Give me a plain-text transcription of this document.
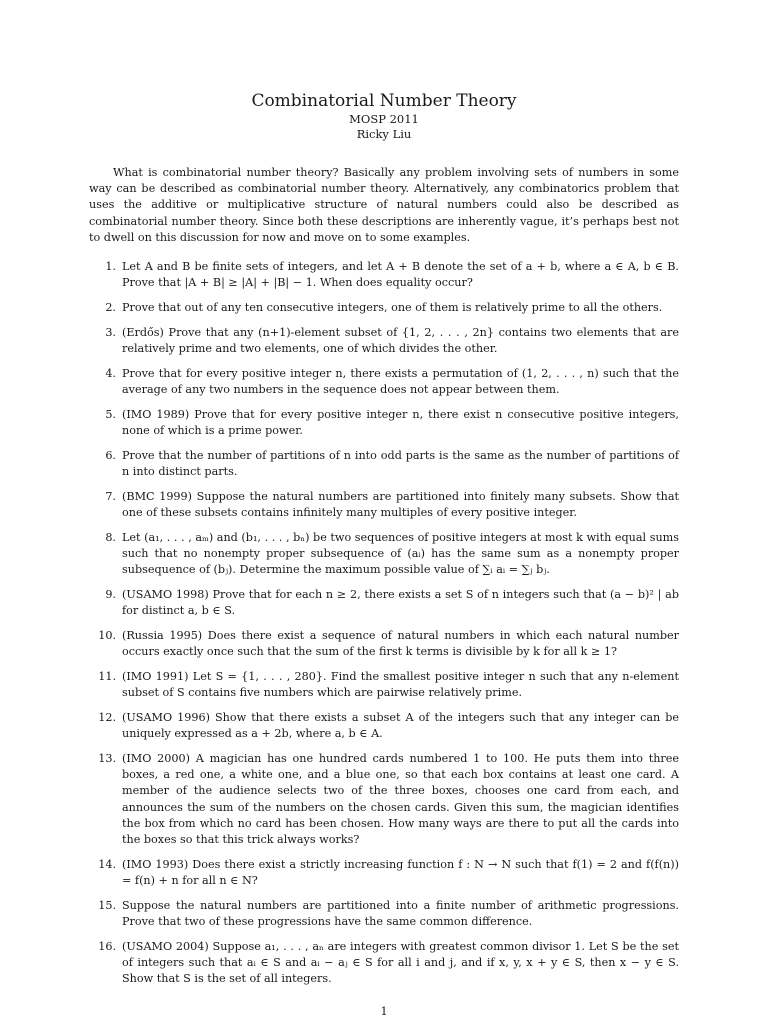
Combinatorial Number Theory
MOSP 2011
Ricky Liu

What is combinatorial number theory? Basically any problem involving sets of numbers in some way can be described as combinatorial number theory. Alternatively, any combinatorics problem that uses the additive or multiplicative structure of natural numbers could also be described as combinatorial number theory. Since both these descriptions are inherently vague, it’s perhaps best not to dwell on this discussion for now and move on to some examples.

1. Let A and B be finite sets of integers, and let A + B denote the set of a + b, where a ∈ A, b ∈ B. Prove that |A + B| ≥ |A| + |B| − 1. When does equality occur?
2. Prove that out of any ten consecutive integers, one of them is relatively prime to all the others.
3. (Erdős) Prove that any (n+1)-element subset of {1, 2, . . . , 2n} contains two elements that are relatively prime and two elements, one of which divides the other.
4. Prove that for every positive integer n, there exists a permutation of (1, 2, . . . , n) such that the average of any two numbers in the sequence does not appear between them.
5. (IMO 1989) Prove that for every positive integer n, there exist n consecutive positive integers, none of which is a prime power.
6. Prove that the number of partitions of n into odd parts is the same as the number of partitions of n into distinct parts.
7. (BMC 1999) Suppose the natural numbers are partitioned into finitely many subsets. Show that one of these subsets contains infinitely many multiples of every positive integer.
8. Let (a₁, . . . , aₘ) and (b₁, . . . , bₙ) be two sequences of positive integers at most k with equal sums such that no nonempty proper subsequence of (aᵢ) has the same sum as a nonempty proper subsequence of (bⱼ). Determine the maximum possible value of ∑ᵢ aᵢ = ∑ⱼ bⱼ.
9. (USAMO 1998) Prove that for each n ≥ 2, there exists a set S of n integers such that (a − b)² | ab for distinct a, b ∈ S.
10. (Russia 1995) Does there exist a sequence of natural numbers in which each natural number occurs exactly once such that the sum of the first k terms is divisible by k for all k ≥ 1?
11. (IMO 1991) Let S = {1, . . . , 280}. Find the smallest positive integer n such that any n-element subset of S contains five numbers which are pairwise relatively prime.
12. (USAMO 1996) Show that there exists a subset A of the integers such that any integer can be uniquely expressed as a + 2b, where a, b ∈ A.
13. (IMO 2000) A magician has one hundred cards numbered 1 to 100. He puts them into three boxes, a red one, a white one, and a blue one, so that each box contains at least one card. A member of the audience selects two of the three boxes, chooses one card from each, and announces the sum of the numbers on the chosen cards. Given this sum, the magician identifies the box from which no card has been chosen. How many ways are there to put all the cards into the boxes so that this trick always works?
14. (IMO 1993) Does there exist a strictly increasing function f : N → N such that f(1) = 2 and f(f(n)) = f(n) + n for all n ∈ N?
15. Suppose the natural numbers are partitioned into a finite number of arithmetic progressions. Prove that two of these progressions have the same common difference.
16. (USAMO 2004) Suppose a₁, . . . , aₙ are integers with greatest common divisor 1. Let S be the set of integers such that aᵢ ∈ S and aᵢ − aⱼ ∈ S for all i and j, and if x, y, x + y ∈ S, then x − y ∈ S. Show that S is the set of all integers.
1
